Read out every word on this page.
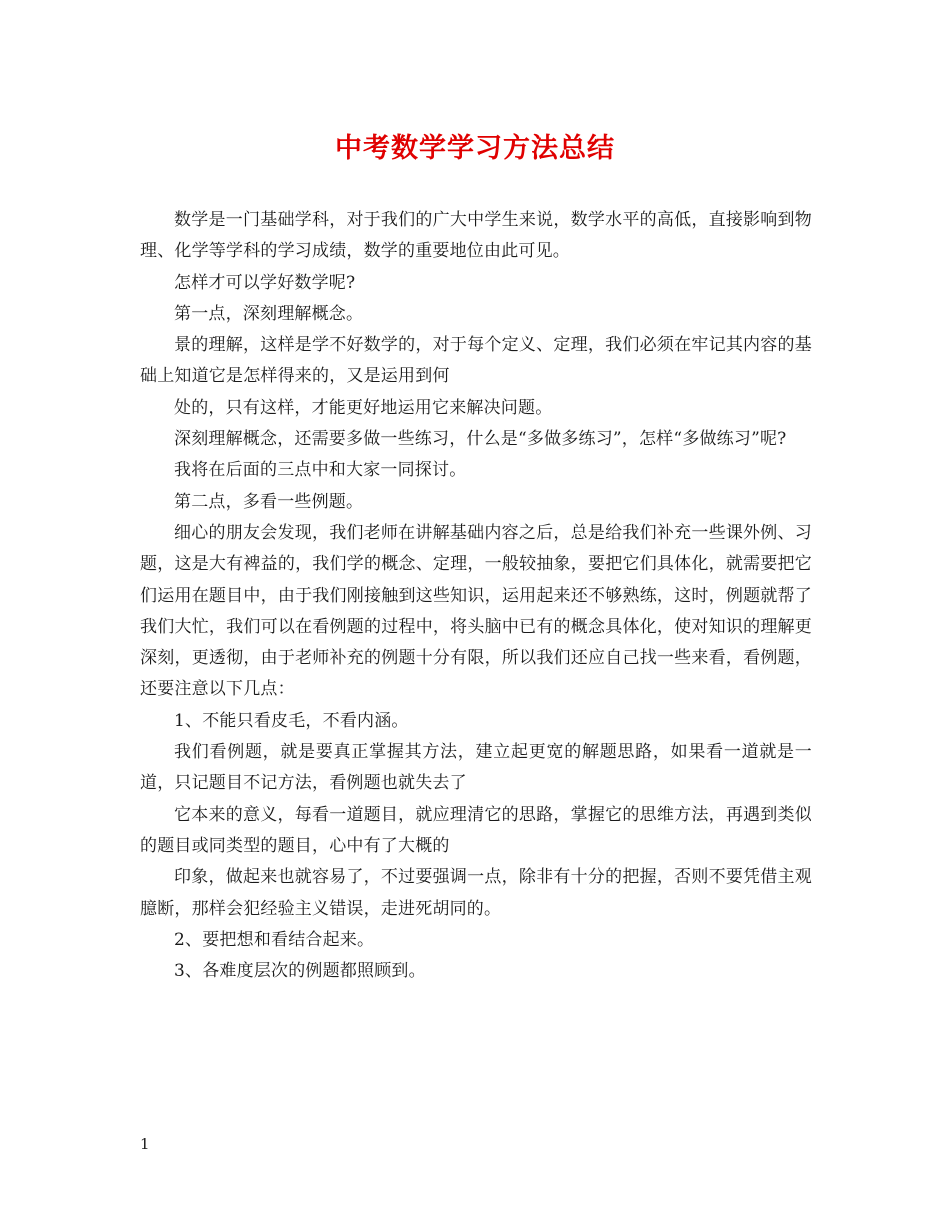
中考数学学习方法总结

数学是一门基础学科，对于我们的广大中学生来说，数学水平的高低，直接影响到物理、化学等学科的学习成绩，数学的重要地位由此可见。

怎样才可以学好数学呢?

第一点，深刻理解概念。

景的理解，这样是学不好数学的，对于每个定义、定理，我们必须在牢记其内容的基础上知道它是怎样得来的，又是运用到何

处的，只有这样，才能更好地运用它来解决问题。

深刻理解概念，还需要多做一些练习，什么是“多做多练习”，怎样“多做练习”呢?

我将在后面的三点中和大家一同探讨。

第二点，多看一些例题。

细心的朋友会发现，我们老师在讲解基础内容之后，总是给我们补充一些课外例、习题，这是大有裨益的，我们学的概念、定理，一般较抽象，要把它们具体化，就需要把它们运用在题目中，由于我们刚接触到这些知识，运用起来还不够熟练，这时，例题就帮了我们大忙，我们可以在看例题的过程中，将头脑中已有的概念具体化，使对知识的理解更深刻，更透彻，由于老师补充的例题十分有限，所以我们还应自己找一些来看，看例题，还要注意以下几点：

1、不能只看皮毛，不看内涵。

我们看例题，就是要真正掌握其方法，建立起更宽的解题思路，如果看一道就是一道，只记题目不记方法，看例题也就失去了

它本来的意义，每看一道题目，就应理清它的思路，掌握它的思维方法，再遇到类似的题目或同类型的题目，心中有了大概的

印象，做起来也就容易了，不过要强调一点，除非有十分的把握，否则不要凭借主观臆断，那样会犯经验主义错误，走进死胡同的。

2、要把想和看结合起来。

3、各难度层次的例题都照顾到。

1
